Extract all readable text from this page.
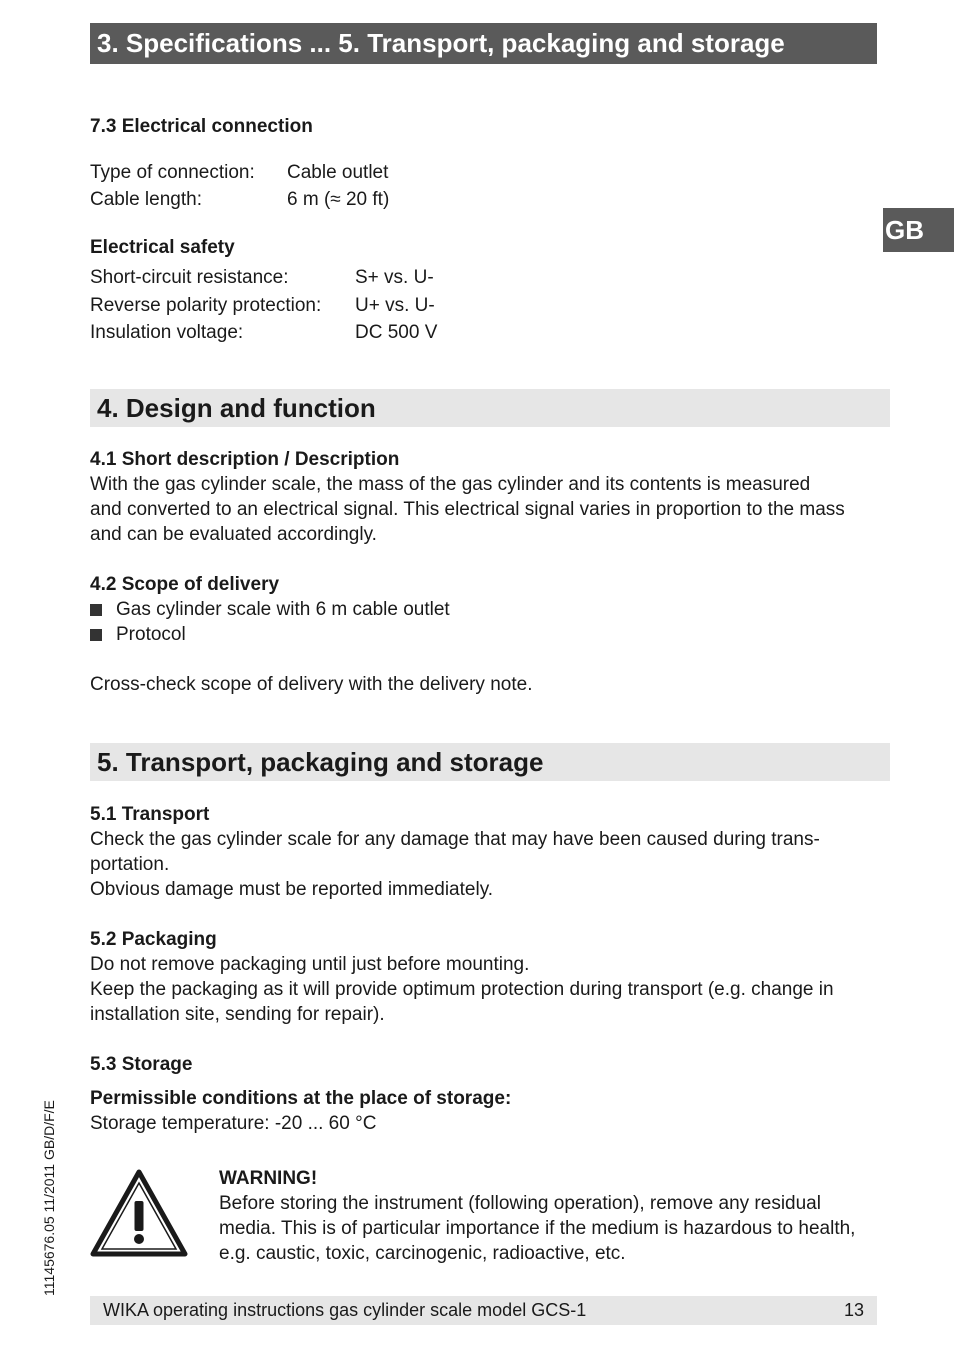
3. Specifications ... 5. Transport, packaging and storage
GB
7.3 Electrical connection
Type of connection: Cable outlet
Cable length:	6 m (≈ 20 ft)
Electrical safety
Short-circuit resistance:	S+ vs. U-
Reverse polarity protection: U+ vs. U-
Insulation voltage:	DC 500 V
4. Design and function
4.1 Short description / Description
With the gas cylinder scale, the mass of the gas cylinder and its contents is measured
and converted to an electrical signal. This electrical signal varies in proportion to the mass
and can be evaluated accordingly.
4.2 Scope of delivery
Gas cylinder scale with 6 m cable outlet
Protocol
Cross-check scope of delivery with the delivery note.
5. Transport, packaging and storage
5.1 Transport
Check the gas cylinder scale for any damage that may have been caused during trans-
portation.
Obvious damage must be reported immediately.
5.2 Packaging
Do not remove packaging until just before mounting.
Keep the packaging as it will provide optimum protection during transport (e.g. change in
installation site, sending for repair).
5.3 Storage
Permissible conditions at the place of storage:
Storage temperature: -20 ... 60 °C
WARNING!
Before storing the instrument (following operation), remove any residual
media. This is of particular importance if the medium is hazardous to health,
e.g. caustic, toxic, carcinogenic, radioactive, etc.
11145676.05 11/2011 GB/D/F/E
WIKA operating instructions gas cylinder scale model GCS-1	13
